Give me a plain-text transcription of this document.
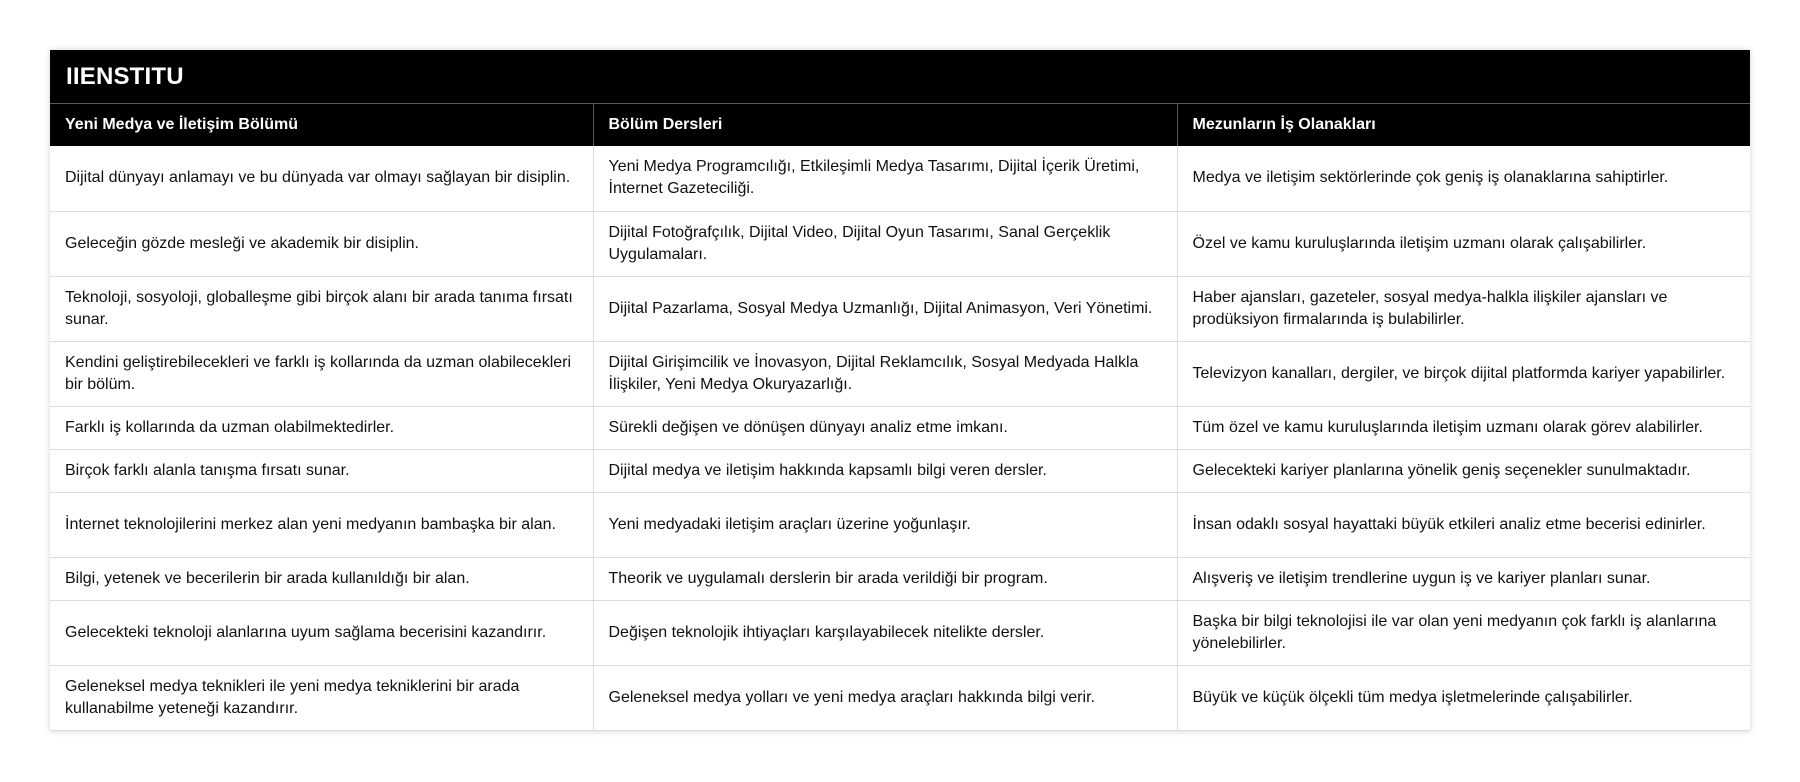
IIENSTITU
Yeni Medya ve İletişim Bölümü	Bölüm Dersleri	Mezunların İş Olanakları
Dijital dünyayı anlamayı ve bu dünyada var olmayı sağlayan bir disiplin.	Yeni Medya Programcılığı, Etkileşimli Medya Tasarımı, Dijital İçerik Üretimi, İnternet Gazeteciliği.	Medya ve iletişim sektörlerinde çok geniş iş olanaklarına sahiptirler.
Geleceğin gözde mesleği ve akademik bir disiplin.	Dijital Fotoğrafçılık, Dijital Video, Dijital Oyun Tasarımı, Sanal Gerçeklik Uygulamaları.	Özel ve kamu kuruluşlarında iletişim uzmanı olarak çalışabilirler.
Teknoloji, sosyoloji, globalleşme gibi birçok alanı bir arada tanıma fırsatı sunar.	Dijital Pazarlama, Sosyal Medya Uzmanlığı, Dijital Animasyon, Veri Yönetimi.	Haber ajansları, gazeteler, sosyal medya-halkla ilişkiler ajansları ve prodüksiyon firmalarında iş bulabilirler.
Kendini geliştirebilecekleri ve farklı iş kollarında da uzman olabilecekleri bir bölüm.	Dijital Girişimcilik ve İnovasyon, Dijital Reklamcılık, Sosyal Medyada Halkla İlişkiler, Yeni Medya Okuryazarlığı.	Televizyon kanalları, dergiler, ve birçok dijital platformda kariyer yapabilirler.
Farklı iş kollarında da uzman olabilmektedirler.	Sürekli değişen ve dönüşen dünyayı analiz etme imkanı.	Tüm özel ve kamu kuruluşlarında iletişim uzmanı olarak görev alabilirler.
Birçok farklı alanla tanışma fırsatı sunar.	Dijital medya ve iletişim hakkında kapsamlı bilgi veren dersler.	Gelecekteki kariyer planlarına yönelik geniş seçenekler sunulmaktadır.
İnternet teknolojilerini merkez alan yeni medyanın bambaşka bir alan.	Yeni medyadaki iletişim araçları üzerine yoğunlaşır.	İnsan odaklı sosyal hayattaki büyük etkileri analiz etme becerisi edinirler.
Bilgi, yetenek ve becerilerin bir arada kullanıldığı bir alan.	Theorik ve uygulamalı derslerin bir arada verildiği bir program.	Alışveriş ve iletişim trendlerine uygun iş ve kariyer planları sunar.
Gelecekteki teknoloji alanlarına uyum sağlama becerisini kazandırır.	Değişen teknolojik ihtiyaçları karşılayabilecek nitelikte dersler.	Başka bir bilgi teknolojisi ile var olan yeni medyanın çok farklı iş alanlarına yönelebilirler.
Geleneksel medya teknikleri ile yeni medya tekniklerini bir arada kullanabilme yeteneği kazandırır.	Geleneksel medya yolları ve yeni medya araçları hakkında bilgi verir.	Büyük ve küçük ölçekli tüm medya işletmelerinde çalışabilirler.
